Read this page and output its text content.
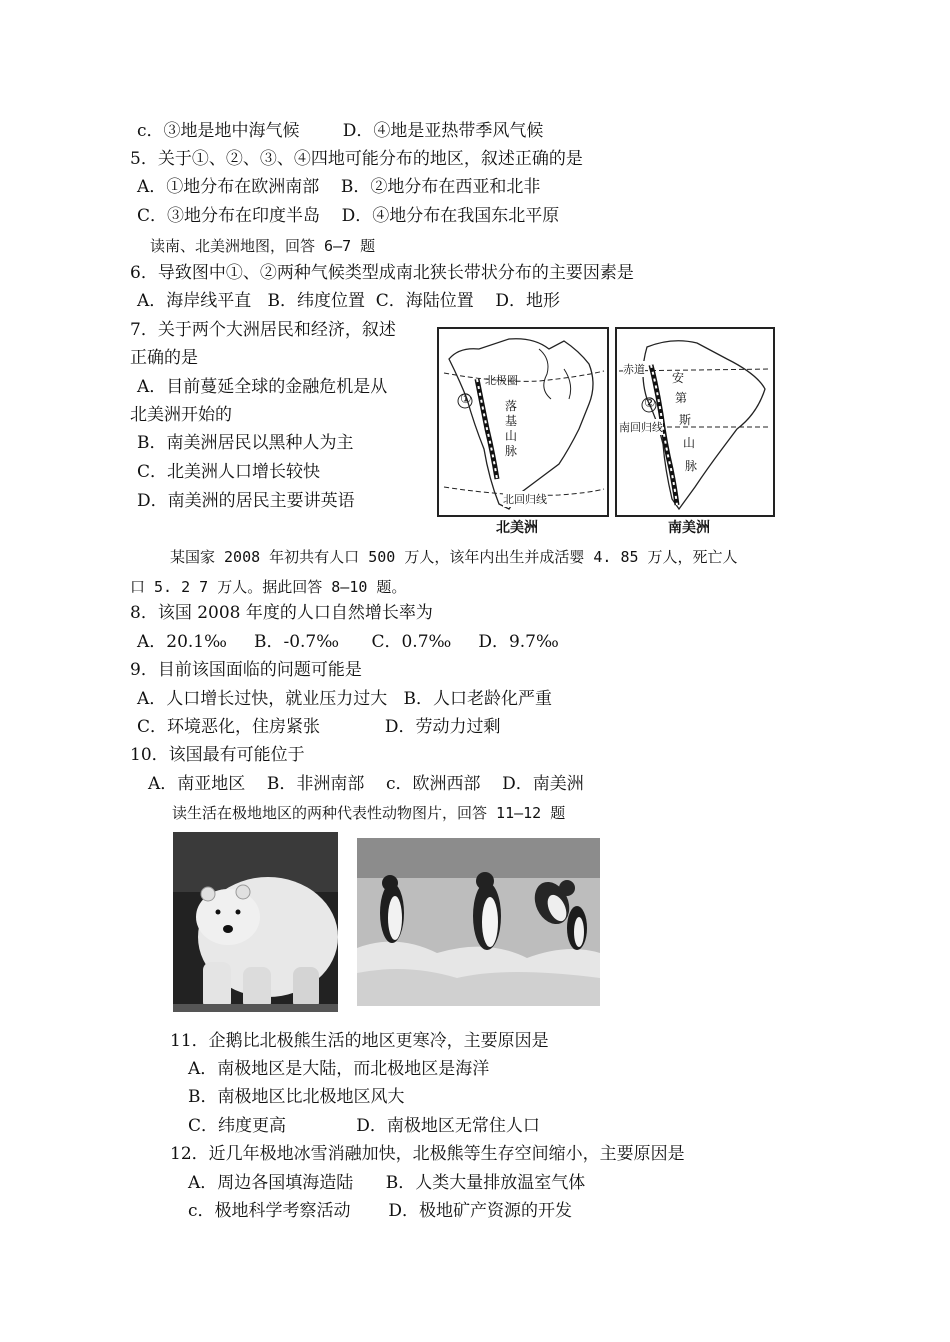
c．③地是地中海气候        D．④地是亚热带季风气候
5．关于①、②、③、④四地可能分布的地区，叙述正确的是
A．①地分布在欧洲南部    B．②地分布在西亚和北非
C．③地分布在印度半岛    D．④地分布在我国东北平原
读南、北美洲地图，回答 6—7 题
6．导致图中①、②两种气候类型成南北狭长带状分布的主要因素是
A．海岸线平直   B．纬度位置  C．海陆位置    D．地形
7．关于两个大洲居民和经济，叙述
正确的是
A．目前蔓延全球的金融危机是从
北美洲开始的
B．南美洲居民以黑种人为主
C．北美洲人口增长较快
D．南美洲的居民主要讲英语
①
北极圈
落
基
山
脉
北回归线
北美洲
赤道
②
南回归线
安
第
斯
山
脉
南美洲
某国家 2008 年初共有人口 500 万人，该年内出生并成活婴 4. 85 万人，死亡人
口 5. 2 7 万人。据此回答 8—10 题。
8．该国 2008 年度的人口自然增长率为
A．20.1‰     B．-0.7‰      C．0.7‰     D．9.7‰
9．目前该国面临的问题可能是
A．人口增长过快，就业压力过大   B．人口老龄化严重
C．环境恶化，住房紧张            D．劳动力过剩
10．该国最有可能位于
A．南亚地区    B．非洲南部    c．欧洲西部    D．南美洲
读生活在极地地区的两种代表性动物图片，回答 11—12 题
11．企鹅比北极熊生活的地区更寒冷，主要原因是
A．南极地区是大陆，而北极地区是海洋
B．南极地区比北极地区风大
C．纬度更高             D．南极地区无常住人口
12．近几年极地冰雪消融加快，北极熊等生存空间缩小，主要原因是
A．周边各国填海造陆      B．人类大量排放温室气体
c．极地科学考察活动       D．极地矿产资源的开发
